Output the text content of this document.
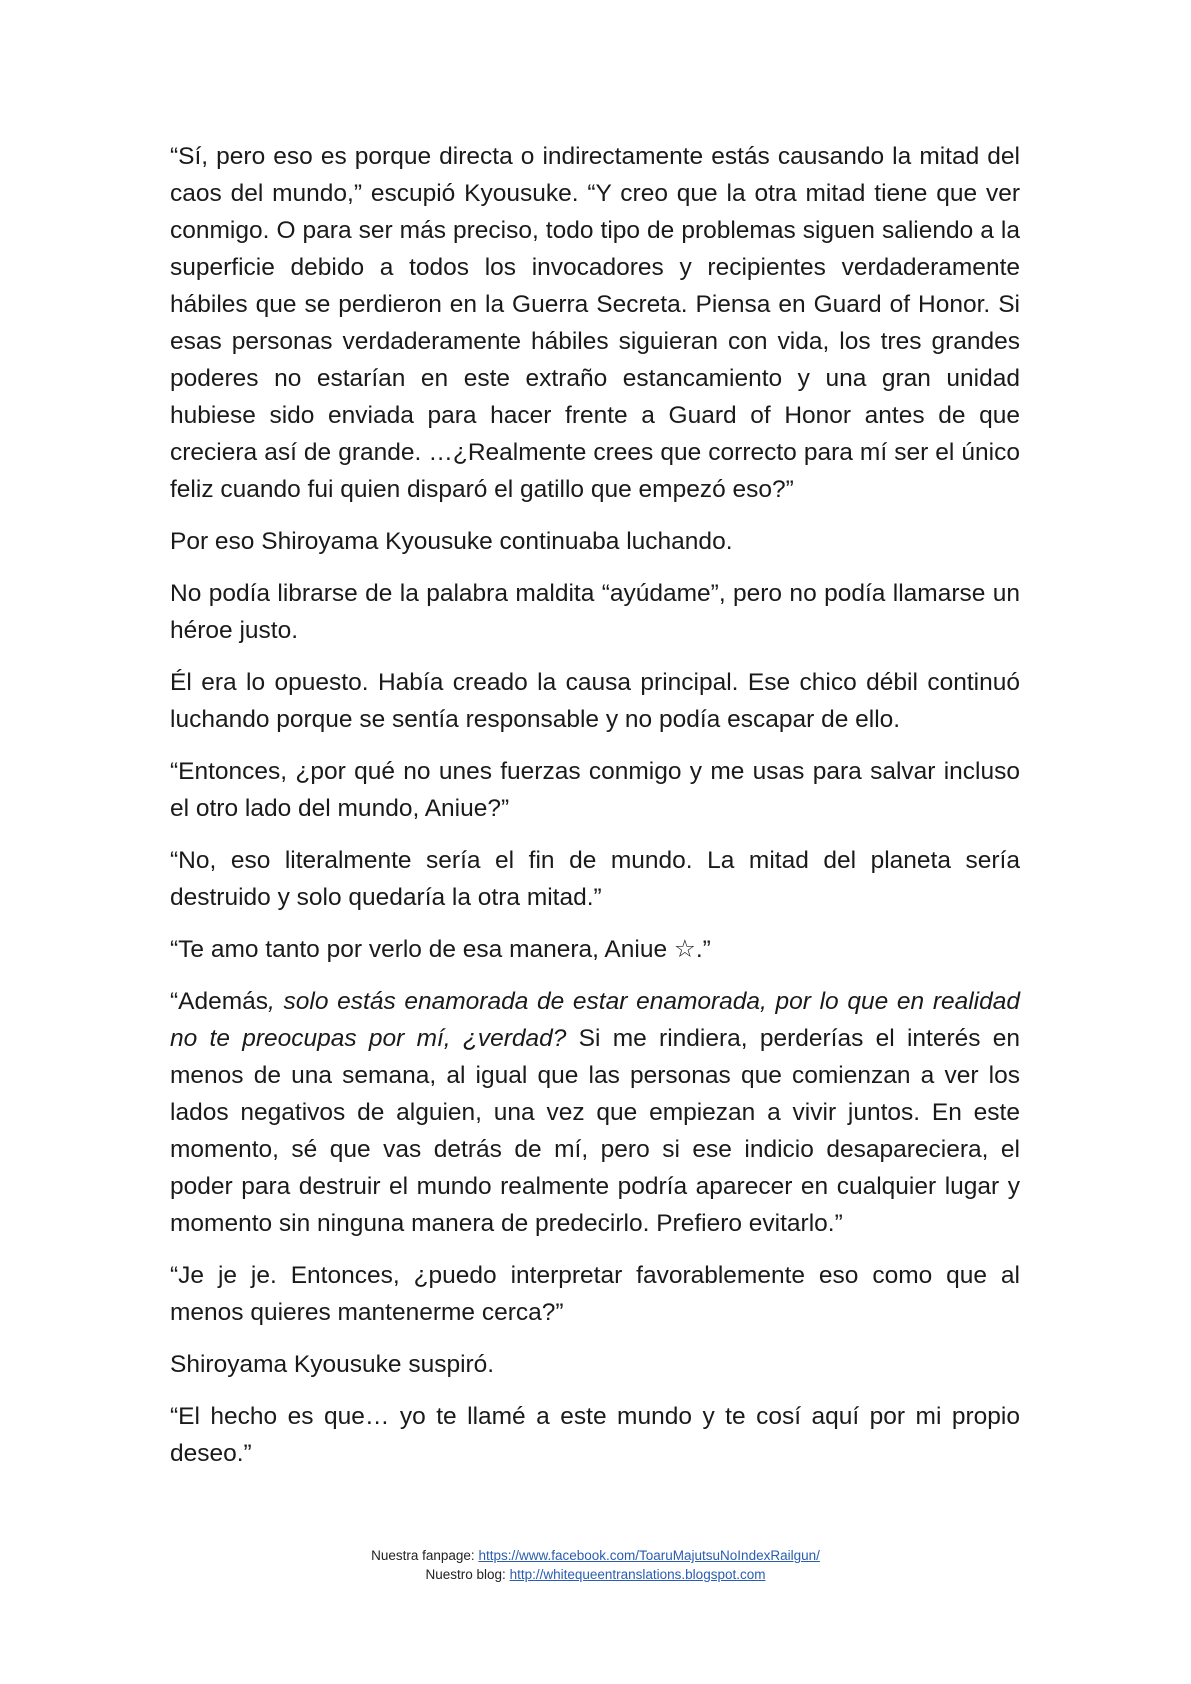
“Sí, pero eso es porque directa o indirectamente estás causando la mitad del caos del mundo,” escupió Kyousuke. “Y creo que la otra mitad tiene que ver conmigo. O para ser más preciso, todo tipo de problemas siguen saliendo a la superficie debido a todos los invocadores y recipientes verdaderamente hábiles que se perdieron en la Guerra Secreta. Piensa en Guard of Honor. Si esas personas verdaderamente hábiles siguieran con vida, los tres grandes poderes no estarían en este extraño estancamiento y una gran unidad hubiese sido enviada para hacer frente a Guard of Honor antes de que creciera así de grande. …¿Realmente crees que correcto para mí ser el único feliz cuando fui quien disparó el gatillo que empezó eso?”

Por eso Shiroyama Kyousuke continuaba luchando.

No podía librarse de la palabra maldita “ayúdame”, pero no podía llamarse un héroe justo.

Él era lo opuesto. Había creado la causa principal. Ese chico débil continuó luchando porque se sentía responsable y no podía escapar de ello.

“Entonces, ¿por qué no unes fuerzas conmigo y me usas para salvar incluso el otro lado del mundo, Aniue?”

“No, eso literalmente sería el fin de mundo. La mitad del planeta sería destruido y solo quedaría la otra mitad.”

“Te amo tanto por verlo de esa manera, Aniue ☆.”

“Además, solo estás enamorada de estar enamorada, por lo que en realidad no te preocupas por mí, ¿verdad? Si me rindiera, perderías el interés en menos de una semana, al igual que las personas que comienzan a ver los lados negativos de alguien, una vez que empiezan a vivir juntos. En este momento, sé que vas detrás de mí, pero si ese indicio desapareciera, el poder para destruir el mundo realmente podría aparecer en cualquier lugar y momento sin ninguna manera de predecirlo. Prefiero evitarlo.”

“Je je je. Entonces, ¿puedo interpretar favorablemente eso como que al menos quieres mantenerme cerca?”

Shiroyama Kyousuke suspiró.

“El hecho es que… yo te llamé a este mundo y te cosí aquí por mi propio deseo.”

Nuestra fanpage: https://www.facebook.com/ToaruMajutsuNoIndexRailgun/
Nuestro blog: http://whitequeentranslations.blogspot.com
